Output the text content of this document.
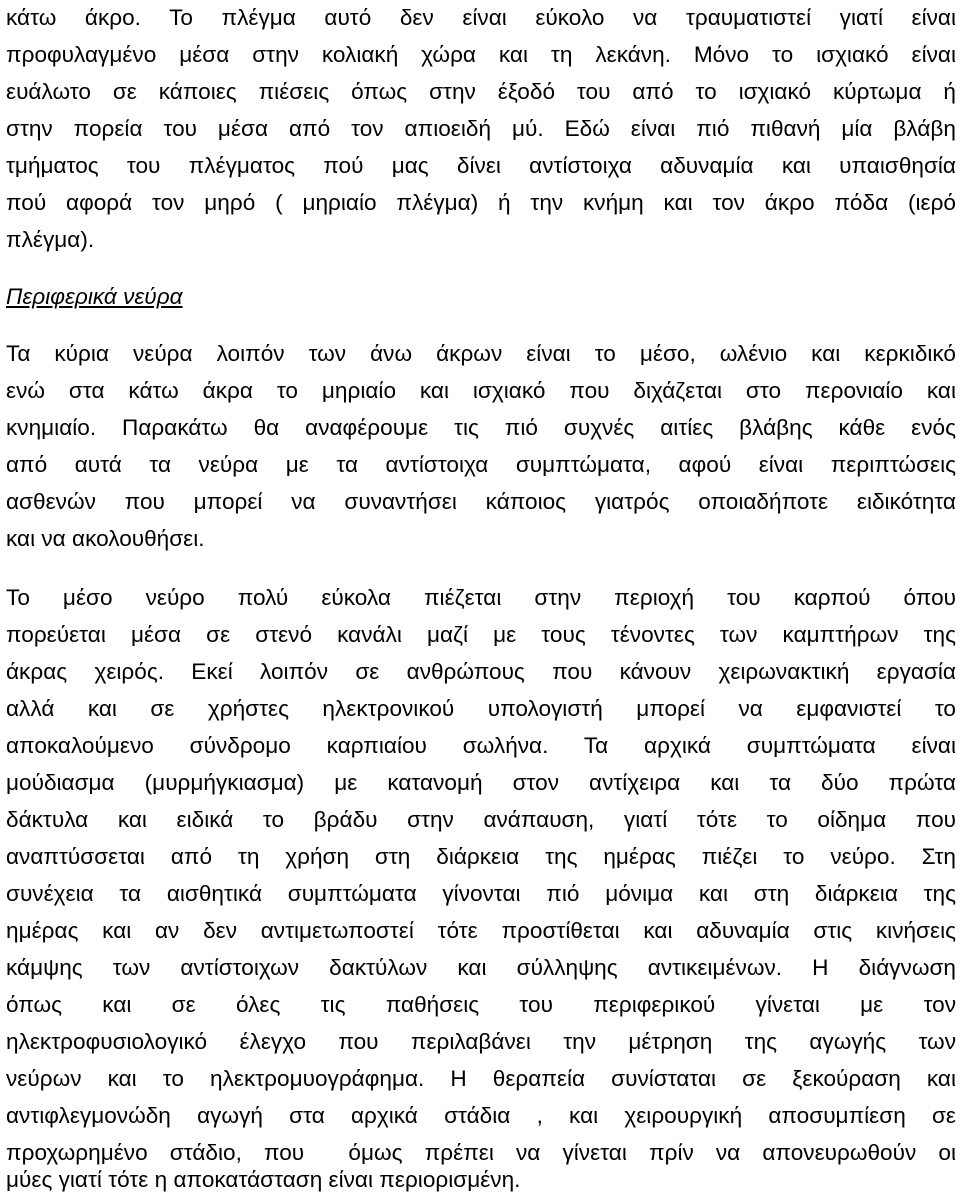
κάτω άκρο. Το πλέγμα αυτό δεν είναι εύκολο να τραυματιστεί γιατί είναι
προφυλαγμένο μέσα στην κολιακή χώρα και τη λεκάνη. Μόνο το ισχιακό είναι
ευάλωτο σε κάποιες πιέσεις όπως στην έξοδό του από το ισχιακό κύρτωμα ή
στην πορεία του μέσα από τον απιοειδή μύ. Εδώ είναι πιό πιθανή μία βλάβη
τμήματος του πλέγματος πού μας δίνει αντίστοιχα αδυναμία και υπαισθησία
πού αφορά τον μηρό ( μηριαίο πλέγμα) ή την κνήμη και τον άκρο πόδα (ιερό
πλέγμα).
Περιφερικά νεύρα
Τα κύρια νεύρα λοιπόν των άνω άκρων είναι το μέσο, ωλένιο και κερκιδικό
ενώ στα κάτω άκρα το μηριαίο και ισχιακό που διχάζεται στο περονιαίο και
κνημιαίο. Παρακάτω θα αναφέρουμε τις πιό συχνές αιτίες βλάβης κάθε ενός
από αυτά τα νεύρα με τα αντίστοιχα συμπτώματα, αφού είναι περιπτώσεις
ασθενών που μπορεί να συναντήσει κάποιος γιατρός οποιαδήποτε ειδικότητα
και να ακολουθήσει.
Το μέσο νεύρο πολύ εύκολα πιέζεται στην περιοχή του καρπού όπου
πορεύεται μέσα σε στενό κανάλι μαζί με τους τένοντες των καμπτήρων της
άκρας χειρός. Εκεί λοιπόν σε ανθρώπους που κάνουν χειρωνακτική εργασία
αλλά και σε χρήστες ηλεκτρονικού υπολογιστή μπορεί να εμφανιστεί το
αποκαλούμενο σύνδρομο καρπιαίου σωλήνα. Τα αρχικά συμπτώματα είναι
μούδιασμα (μυρμήγκιασμα) με κατανομή στον αντίχειρα και τα δύο πρώτα
δάκτυλα και ειδικά το βράδυ στην ανάπαυση, γιατί τότε το οίδημα που
αναπτύσσεται από τη χρήση στη διάρκεια της ημέρας πιέζει το νεύρο. Στη
συνέχεια τα αισθητικά συμπτώματα γίνονται πιό μόνιμα και στη διάρκεια της
ημέρας και αν δεν αντιμετωποστεί τότε προστίθεται και αδυναμία στις κινήσεις
κάμψης των αντίστοιχων δακτύλων και σύλληψης αντικειμένων. Η διάγνωση
όπως και σε όλες τις παθήσεις του περιφερικού γίνεται με τον
ηλεκτροφυσιολογικό έλεγχο που περιλαβάνει την μέτρηση της αγωγής των
νεύρων και το ηλεκτρομυογράφημα. Η θεραπεία συνίσταται σε ξεκούραση και
αντιφλεγμονώδη αγωγή στα αρχικά στάδια , και χειρουργική αποσυμπίεση σε
προχωρημένο στάδιο, που  όμως πρέπει να γίνεται πρίν να απονευρωθούν οι
μύες γιατί τότε η αποκατάσταση είναι περιορισμένη.
